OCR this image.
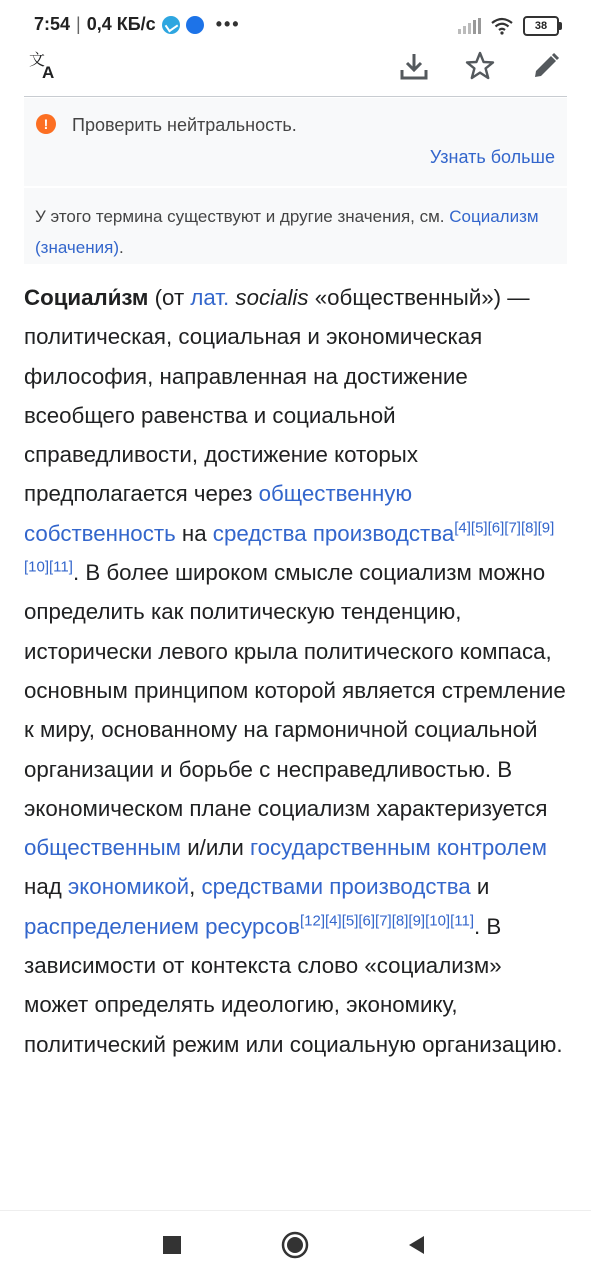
7:54 | 0,4 КБ/с	•••	38
文
A
!	Проверить нейтральность.
Узнать больше
У этого термина существуют и другие значения, см. Социализм (значения).

Социали́зм (от лат. socialis «общественный») — политическая, социальная и экономическая философия, направленная на достижение всеобщего равенства и социальной справедливости, достижение которых предполагается через общественную собственность на средства производства[4][5][6][7][8][9][10][11]. В более широком смысле социализм можно определить как политическую тенденцию, исторически левого крыла политического компаса, основным принципом которой является стремление к миру, основанному на гармоничной социальной организации и борьбе с несправедливостью. В экономическом плане социализм характеризуется общественным и/или государственным контролем над экономикой, средствами производства и распределением ресурсов[12][4][5][6][7][8][9][10][11]. В зависимости от контекста слово «социализм» может определять идеологию, экономику, политический режим или социальную организацию.
